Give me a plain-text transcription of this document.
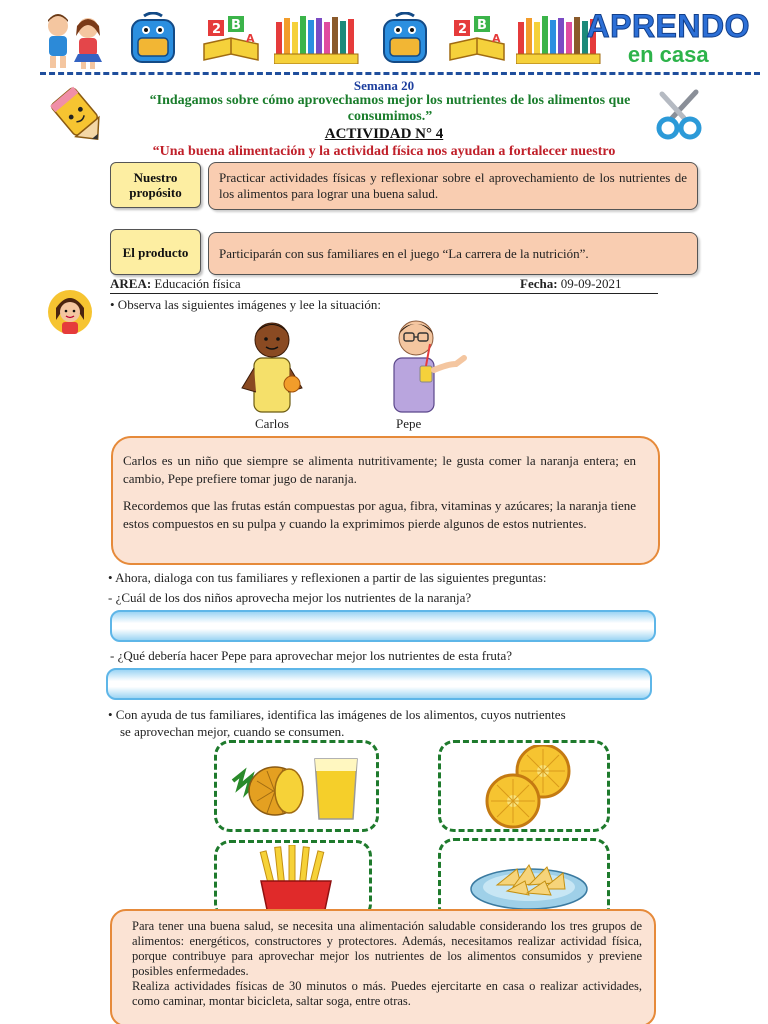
2 B
A
2 B
A	APRENDO
en casa
Semana 20
“Indagamos sobre cómo aprovechamos mejor los nutrientes de los alimentos que consumimos.”
ACTIVIDAD N° 4
“Una buena alimentación y la actividad física nos ayudan a fortalecer nuestro
Nuestro propósito
Practicar actividades físicas y reflexionar sobre el aprovechamiento de los nutrientes de los alimentos para lograr una buena salud.
El producto Participarán con sus familiares en el juego “La carrera de la nutrición”.
AREA: Educación física	Fecha: 09-09-2021
• Observa las siguientes imágenes y lee la situación:
Carlos	Pepe

Carlos es un niño que siempre se alimenta nutritivamente; le gusta comer la naranja entera; en cambio, Pepe prefiere tomar jugo de naranja.

Recordemos que las frutas están compuestas por agua, fibra, vitaminas y azúcares; la naranja tiene estos compuestos en su pulpa y cuando la exprimimos pierde algunos de estos nutrientes.

• Ahora, dialoga con tus familiares y reflexionen a partir de las siguientes preguntas:
- ¿Cuál de los dos niños aprovecha mejor los nutrientes de la naranja?
- ¿Qué debería hacer Pepe para aprovechar mejor los nutrientes de esta fruta?
• Con ayuda de tus familiares, identifica las imágenes de los alimentos, cuyos nutrientes
se aprovechan mejor, cuando se consumen.

Para tener una buena salud, se necesita una alimentación saludable considerando los tres grupos de alimentos: energéticos, constructores y protectores. Además, necesitamos realizar actividad física, porque contribuye para aprovechar mejor los nutrientes de los alimentos consumidos y previene posibles enfermedades.

Realiza actividades físicas de 30 minutos o más. Puedes ejercitarte en casa o realizar actividades, como caminar, montar bicicleta, saltar soga, entre otras.
